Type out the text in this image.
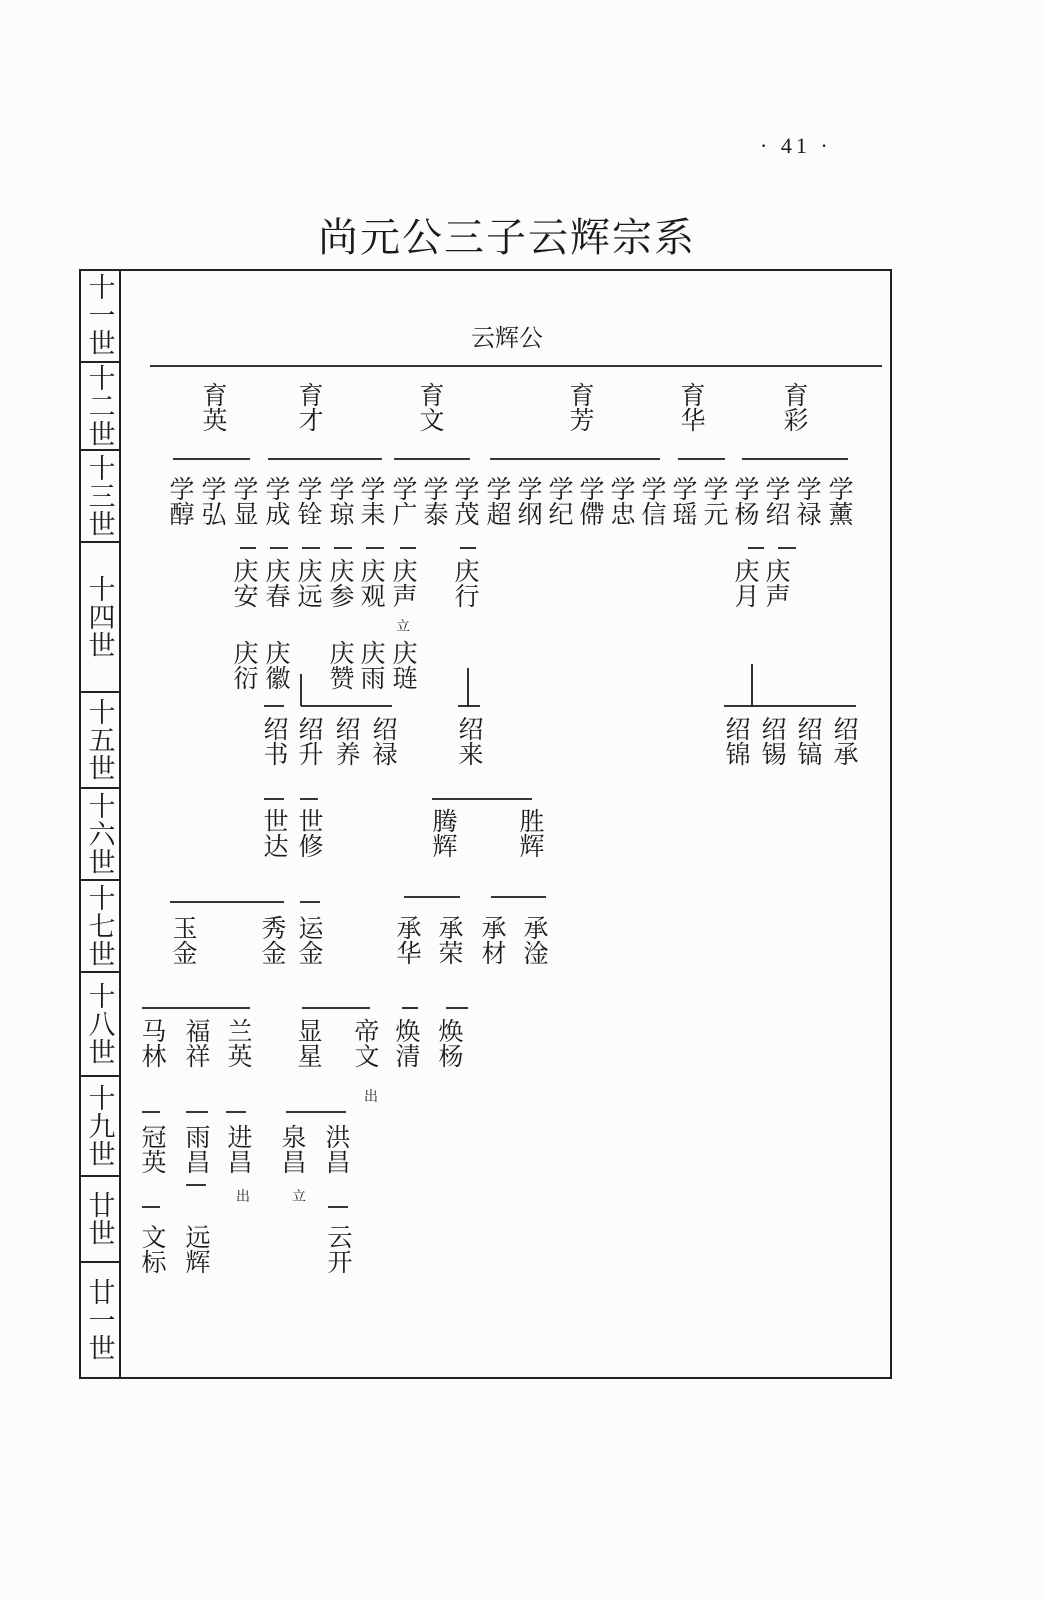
· 41 ·
尚元公三子云辉宗系
十一世
十二世
十三世
十四世
十五世
十六世
十七世
十八世
十九世
廿世
廿一世
云辉公
育英	育才	育文	育芳	育华	育彩
学醇 学弘 学显 学成 学铨 学琼 学耒 学广 学泰 学茂 学超 学纲 学纪 学僀 学忠 学信 学瑶 学元 学杨 学绍 学禄 学薰
庆安 庆春 庆远 庆参 庆观 庆声 庆行	庆月 庆声
立
庆衍 庆徽 庆赞 庆雨 庆琏
绍书 绍升 绍养 绍禄 绍来	绍锦 绍锡 绍镐 绍承
世达 世修	腾辉 胜辉
玉金 秀金 运金	承华 承荣 承材 承淦
马林 福祥 兰英 显星 帝文 焕清 焕杨
出
冠英 雨昌 进昌 泉昌 洪昌
出	立
文标 远辉	云开
